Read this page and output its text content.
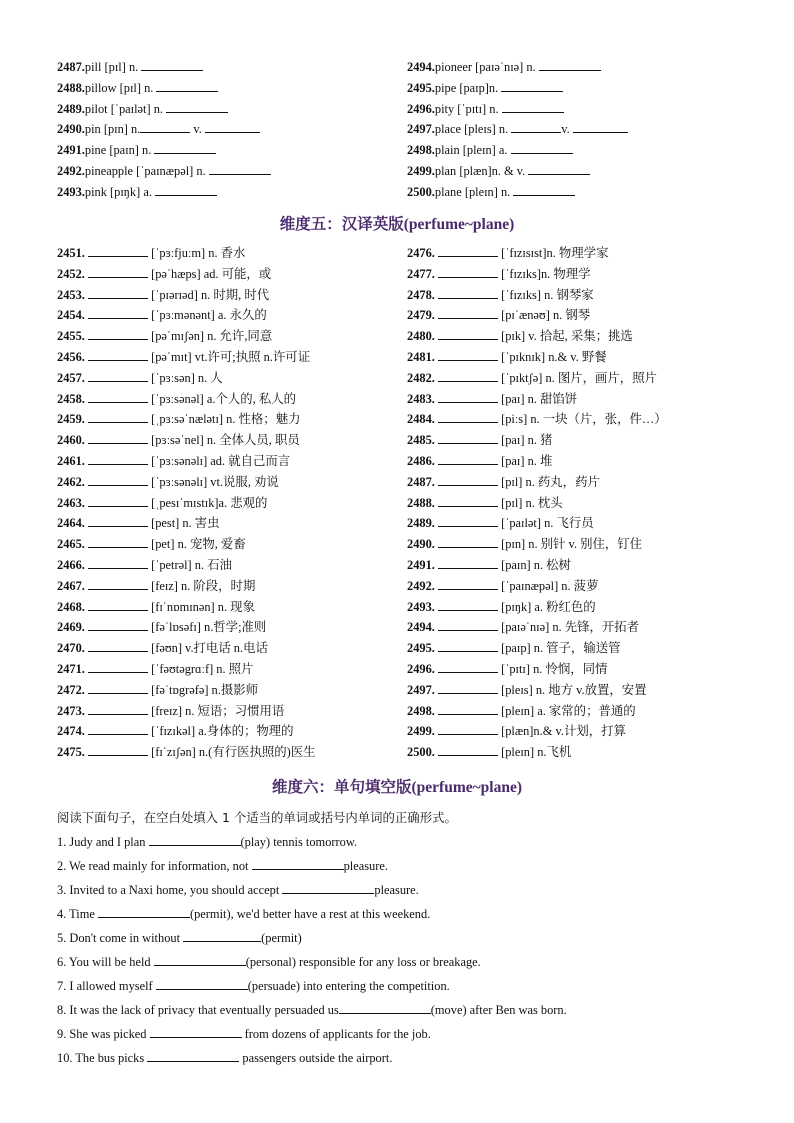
2487.pill [pɪl] n.	2494.pioneer [paɪəˈnɪə] n.
2488.pillow [pɪl] n.	2495.pipe [paɪp]n.
2489.pilot [ˈpaɪlət] n.	2496.pity [ˈpɪtɪ] n.
2490.pin [pɪn] n.	v.	2497.place [pleɪs] n.	v.
2491.pine [paɪn] n.	2498.plain [pleɪn] a.
2492.pineapple [ˈpaɪnæpəl] n.	2499.plan [plæn]n. & v.
2493.pink [pɪŋk] a.	2500.plane [pleɪn] n.
维度五：汉译英版(perfume~plane)
2451.	[ˈpɜːfjuːm] n. 香水	2476.	[ˈfɪzɪsɪst]n. 物理学家
2452.	[pəˈhæps] ad. 可能，或	2477.	[ˈfɪzɪks]n. 物理学
2453.	[ˈpɪərɪəd] n. 时期, 时代	2478.	[ˈfɪzɪks] n. 钢琴家
2454.	[ˈpɜːmənənt] a. 永久的	2479.	[pɪˈænəʊ] n. 钢琴
2455.	[pəˈmɪʃən] n. 允许,同意	2480.	[pɪk] v. 拾起, 采集；挑选
2456.	[pəˈmɪt] vt.许可;执照 n.许可证	2481.	[ˈpɪknɪk] n.& v. 野餐
2457.	[ˈpɜːsən] n. 人	2482.	[ˈpɪktʃə] n. 图片，画片，照片
2458.	[ˈpɜːsənəl] a.个人的, 私人的	2483.	[paɪ] n. 甜馅饼
2459.	[ˌpɜːsəˈnælətɪ] n. 性格；魅力	2484.	[piːs] n. 一块（片，张，件…）
2460.	[pɜːsəˈnel] n. 全体人员, 职员	2485.	[paɪ] n. 猪
2461.	[ˈpɜːsənəlɪ] ad. 就自己而言	2486.	[paɪ] n. 堆
2462.	[ˈpɜːsənəlɪ] vt.说服, 劝说	2487.	[pɪl] n. 药丸，药片
2463.	[ˌpesɪˈmɪstɪk]a. 悲观的	2488.	[pɪl] n. 枕头
2464.	[pest] n. 害虫	2489.	[ˈpaɪlət] n. 飞行员
2465.	[pet] n. 宠物, 爱畜	2490.	[pɪn] n. 别针 v. 别住，钉住
2466.	[ˈpetrəl] n. 石油	2491.	[paɪn] n. 松树
2467.	[feɪz] n. 阶段，时期	2492.	[ˈpaɪnæpəl] n. 菠萝
2468.	[fɪˈnɒmɪnən] n. 现象	2493.	[pɪŋk] a. 粉红色的
2469.	[fəˈlɒsəfɪ] n.哲学;准则	2494.	[paɪəˈnɪə] n. 先锋，开拓者
2470.	[fəʊn] v.打电话 n.电话	2495.	[paɪp] n. 管子，输送管
2471.	[ˈfəʊtəgrɑːf] n. 照片	2496.	[ˈpɪtɪ] n. 怜悯，同情
2472.	[fəˈtɒgrəfə] n.摄影师	2497.	[pleɪs] n. 地方 v.放置，安置
2473.	[freɪz] n. 短语；习惯用语	2498.	[pleɪn] a. 家常的；普通的
2474.	[ˈfɪzɪkəl] a.身体的；物理的	2499.	[plæn]n.& v.计划，打算
2475.	[fɪˈzɪʃən] n.(有行医执照的)医生	2500.	[pleɪn] n.飞机
维度六：单句填空版(perfume~plane)
阅读下面句子，在空白处填入 1 个适当的单词或括号内单词的正确形式。
1. Judy and I plan	(play) tennis tomorrow.
2. We read mainly for information, not	pleasure.
3. Invited to a Naxi home, you should accept	pleasure.
4. Time	(permit), we'd better have a rest at this weekend.
5. Don't come in without	(permit)
6. You will be held	(personal) responsible for any loss or breakage.
7. I allowed myself	(persuade) into entering the competition.
8. It was the lack of privacy that eventually persuaded us	(move) after Ben was born.
9. She was picked	from dozens of applicants for the job.
10. The bus picks	passengers outside the airport.
